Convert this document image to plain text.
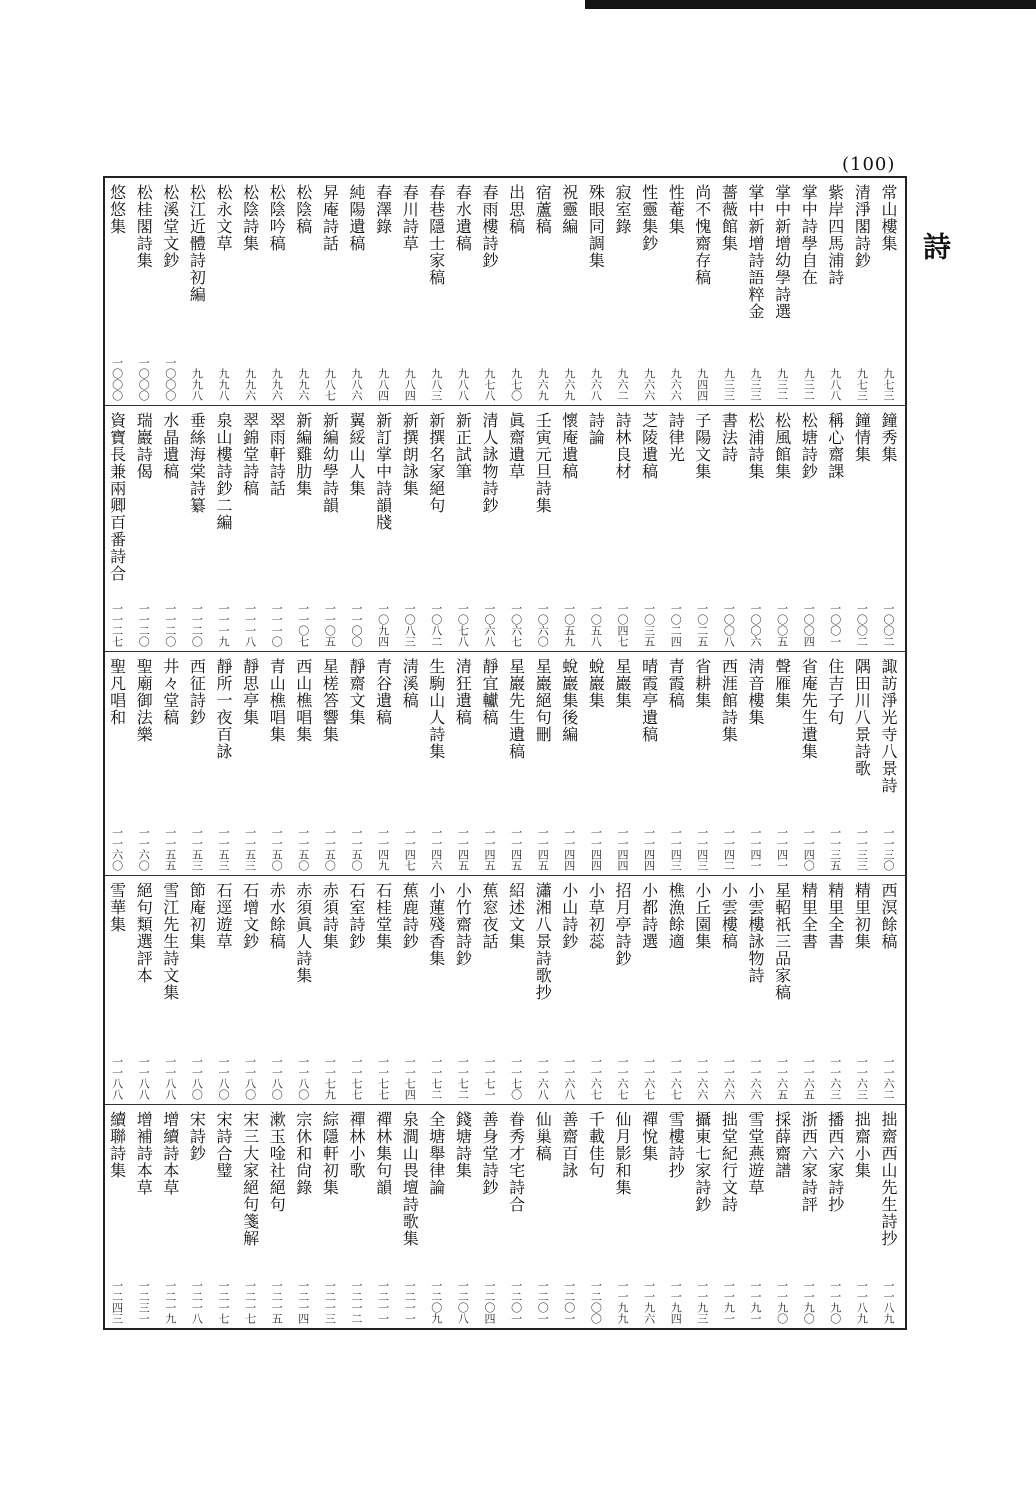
(100)
詩
常山樓集
九七三
清淨閣詩鈔
九七三
紫岸四馬浦詩
九八八
掌中詩學自在
九三二
掌中新增幼學詩選
九三二
掌中新增詩語粹金
九三三
薔薇館集
九三三
尚不愧齋存稿
九四四
性菴集
九六六
性靈集鈔
九六六
寂室錄
九六二
殊眼同調集
九六八
祝靈編
九六九
宿蘆稿
九六九
出思稿
九七〇
春雨樓詩鈔
九七八
春水遺稿
九八八
春巷隱士家稿
九八三
春川詩草
九八四
春澤錄
九八四
純陽遺稿
九八六
昇庵詩話
九八七
松陰稿
九九六
松陰吟稿
九九六
松陰詩集
九九六
松永文草
九九八
松江近體詩初編
九九八
松溪堂文鈔
一〇〇〇
松桂閣詩集
一〇〇〇
悠悠集
一〇〇〇
鐘秀集
一〇〇二
鐘情集
一〇〇二
稱心齋課
一〇〇一
松塘詩鈔
一〇〇四
松風館集
一〇〇五
松浦詩集
一〇〇六
書法詩
一〇〇八
子陽文集
一〇二五
詩律光
一〇二四
芝陵遺稿
一〇三五
詩林良材
一〇四七
詩論
一〇五八
懷庵遺稿
一〇五九
壬寅元旦詩集
一〇六〇
眞齋遺草
一〇六七
清人詠物詩鈔
一〇六八
新正試筆
一〇七八
新撰名家絕句
一〇八二
新撰朗詠集
一〇八三
新訂掌中詩韻牋
一〇九四
翼綏山人集
一一〇〇
新編幼學詩韻
一一〇五
新編雞肋集
一一〇七
翠雨軒詩話
一一一〇
翠錦堂詩稿
一一一八
泉山樓詩鈔二編
一一一九
垂絲海棠詩纂
一一二〇
水晶遺稿
一一二〇
瑞巖詩偈
一一二〇
資寶長兼兩卿百番詩合
一一二七
諏訪淨光寺八景詩
一一三〇
隅田川八景詩歌
一一三三
住吉子句
一一三五
省庵先生遺集
一一四〇
聲雁集
一一四一
淸音樓集
一一四一
西涯館詩集
一一四二
省耕集
一一四三
青霞稿
一一四三
晴霞亭遺稿
一一四四
星巖集
一一四四
蛻巖集
一一四四
蛻巖集後編
一一四四
星巖絕句刪
一一四五
星巖先生遺稿
一一四五
靜宜䡾稿
一一四五
清狂遺稿
一一四五
生駒山人詩集
一一四六
淸溪稿
一一四七
青谷遺稿
一一四九
靜齋文集
一一五〇
星槎答響集
一一五〇
西山樵唱集
一一五〇
青山樵唱集
一一五〇
靜思亭集
一一五三
靜所一夜百詠
一一五三
西征詩鈔
一一五三
井々堂稿
一一五五
聖廟御法樂
一一六〇
聖凡唱和
一一六〇
西溟餘稿
一一六二
精里初集
一一六三
精里全書
一一六三
精里全書
一一六五
星軺祇三品家稿
一一六五
小雲樓詠物詩
一一六六
小雲樓稿
一一六六
小丘園集
一一六六
樵漁餘適
一一六七
小都詩選
一一六七
招月亭詩鈔
一一六七
小草初蕊
一一六七
小山詩鈔
一一六八
瀟湘八景詩歌抄
一一六八
紹述文集
一一七〇
蕉窓夜話
一一七一
小竹齋詩鈔
一一七二
小蓮殘香集
一一七二
蕉鹿詩鈔
一一七四
石桂堂集
一一七七
石室詩鈔
一一七七
赤須詩集
一一七九
赤須眞人詩集
一一八〇
赤水餘稿
一一八〇
石增文鈔
一一八〇
石逕遊草
一一八〇
節庵初集
一一八〇
雪江先生詩文集
一一八八
絕句類選評本
一一八八
雪華集
一一八八
拙齋西山先生詩抄
一一八九
拙齋小集
一一八九
播西六家詩抄
一一九〇
浙西六家詩評
一一九〇
採薛齋譜
一一九〇
雪堂燕遊草
一一九一
拙堂紀行文詩
一一九一
攝東七家詩鈔
一一九三
雪樓詩抄
一一九四
禪悅集
一一九六
仙月影和集
一一九九
千載佳句
一二〇〇
善齋百詠
一二〇一
仙巢稿
一二〇一
眷秀才宅詩合
一二〇一
善身堂詩鈔
一二〇四
錢塘詩集
一二〇八
全塘舉律論
一二〇九
泉澗山畏壇詩歌集
一二一一
禪林集句韻
一二一一
禪林小歌
一二一二
綜隱軒初集
一二一三
宗休和尙錄
一二一四
漱玉唫社絕句
一二一五
宋三大家絕句箋解
一二一七
宋詩合璧
一二一七
宋詩鈔
一二一八
增續詩本草
一二一九
增補詩本草
一二三一
續聯詩集
一二四三
